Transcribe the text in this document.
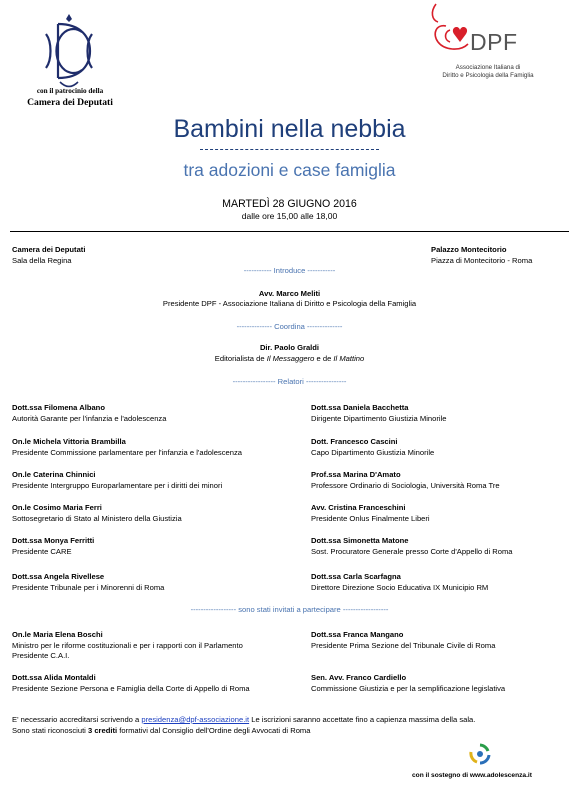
con il patrocinio della
Camera dei Deputati
DPF
Associazione Italiana di
Diritto e Psicologia della Famiglia
Bambini nella nebbia
tra adozioni e case famiglia
MARTEDÌ 28 GIUGNO 2016
dalle ore 15,00 alle 18,00
Camera dei Deputati
Sala della Regina
Palazzo Montecitorio
Piazza di Montecitorio - Roma
----------- Introduce -----------
Avv. Marco Meliti
Presidente DPF - Associazione Italiana di Diritto e Psicologia della Famiglia
-------------- Coordina --------------
Dir. Paolo Graldi
Editorialista de Il Messaggero e de Il Mattino
----------------- Relatori ----------------
Dott.ssa Filomena Albano
Autorità Garante per l'infanzia e l'adolescenza
Dott.ssa Daniela Bacchetta
Dirigente Dipartimento Giustizia Minorile
On.le Michela Vittoria Brambilla
Presidente Commissione parlamentare per l'infanzia e l'adolescenza
Dott. Francesco Cascini
Capo Dipartimento Giustizia Minorile
On.le Caterina Chinnici
Presidente Intergruppo Europarlamentare per i diritti dei minori
Prof.ssa Marina D'Amato
Professore Ordinario di Sociologia, Università Roma Tre
On.le Cosimo Maria Ferri
Sottosegretario di Stato al Ministero della Giustizia
Avv. Cristina Franceschini
Presidente Onlus Finalmente Liberi
Dott.ssa Monya Ferritti
Presidente CARE
Dott.ssa Simonetta Matone
Sost. Procuratore Generale presso Corte d'Appello di Roma
Dott.ssa Angela Rivellese
Presidente Tribunale per i Minorenni di Roma
Dott.ssa Carla Scarfagna
Direttore Direzione Socio Educativa IX Municipio RM
------------------ sono stati invitati a partecipare ------------------
On.le Maria Elena Boschi
Ministro per le riforme costituzionali e per i rapporti con il Parlamento
Presidente C.A.I.
Dott.ssa Franca Mangano
Presidente Prima Sezione del Tribunale Civile di Roma
Dott.ssa Alida Montaldi
Presidente Sezione Persona e Famiglia della Corte di Appello di Roma
Sen. Avv. Franco Cardiello
Commissione Giustizia e per la semplificazione legislativa
E' necessario accreditarsi scrivendo a presidenza@dpf-associazione.it Le iscrizioni saranno accettate fino a capienza massima della sala.
Sono stati riconosciuti 3 crediti formativi dal Consiglio dell'Ordine degli Avvocati di Roma
con il sostegno di www.adolescenza.it
